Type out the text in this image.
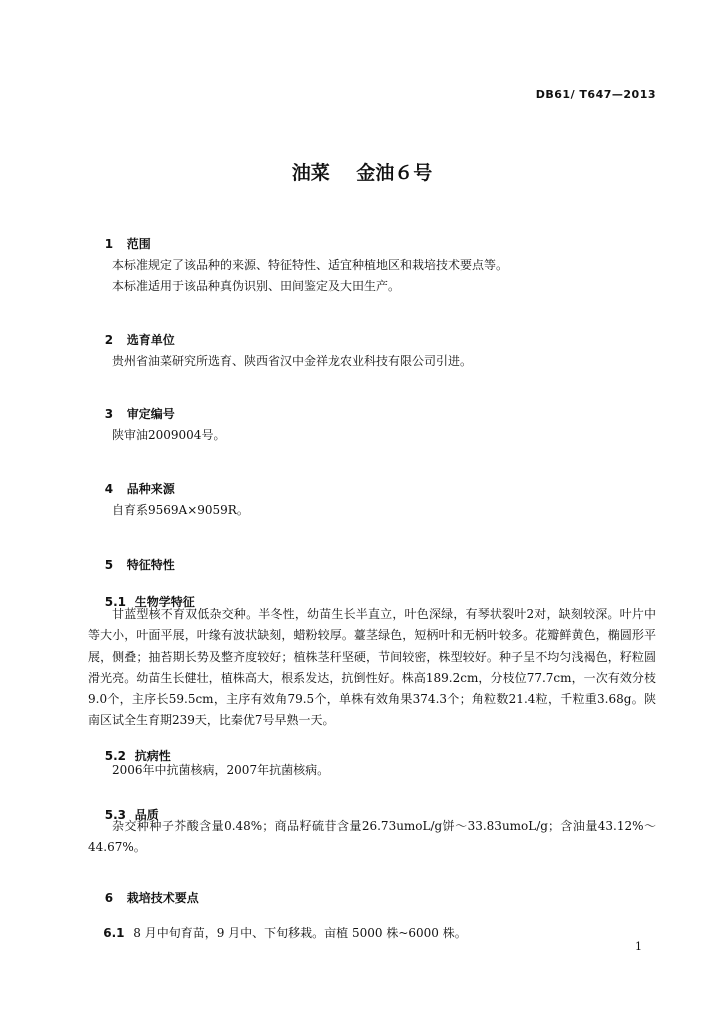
DB61/ T647—2013
油菜    金油６号

1 范围

本标准规定了该品种的来源、特征特性、适宜种植地区和栽培技术要点等。
本标准适用于该品种真伪识别、田间鉴定及大田生产。

2 选育单位

贵州省油菜研究所选育、陕西省汉中金祥龙农业科技有限公司引进。

3 审定编号

陕审油2009004号。

4 品种来源

自育系9569A×9059R。

5 特征特性

5.1 生物学特征

甘蓝型核不育双低杂交种。半冬性，幼苗生长半直立，叶色深绿，有琴状裂叶2对，缺刻较深。叶片中等大小，叶面平展，叶缘有波状缺刻，蜡粉较厚。薹茎绿色，短柄叶和无柄叶较多。花瓣鲜黄色，椭圆形平展，侧叠；抽苔期长势及整齐度较好；植株茎秆坚硬，节间较密，株型较好。种子呈不均匀浅褐色，籽粒圆滑光亮。幼苗生长健壮，植株高大，根系发达，抗倒性好。株高189.2cm，分枝位77.7cm，一次有效分枝9.0个，主序长59.5cm，主序有效角79.5个，单株有效角果374.3个；角粒数21.4粒，千粒重3.68g。陕南区试全生育期239天，比秦优7号早熟一天。

5.2 抗病性

2006年中抗菌核病，2007年抗菌核病。

5.3 品质

杂交种种子芥酸含量0.48%；商品籽硫苷含量26.73umoL/g饼～33.83umoL/g；含油量43.12%～44.67%。

6 栽培技术要点

6.1 8 月中旬育苗，9 月中、下旬移栽。亩植 5000 株~6000 株。

1
